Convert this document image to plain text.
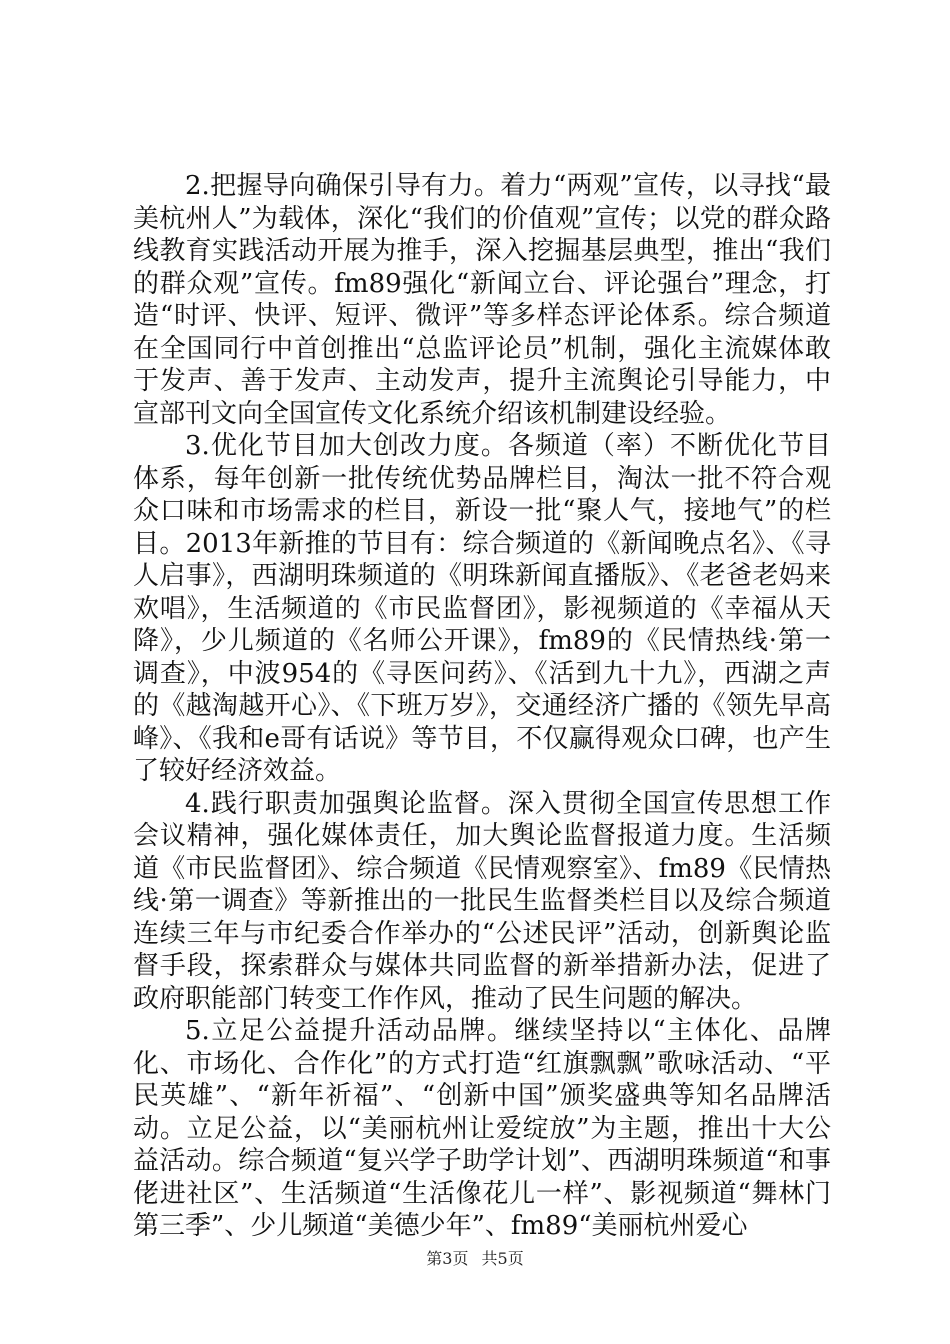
2.把握导向确保引导有力。着力“两观”宣传，以寻找“最美杭州人”为载体，深化“我们的价值观”宣传；以党的群众路线教育实践活动开展为推手，深入挖掘基层典型，推出“我们的群众观”宣传。fm89强化“新闻立台、评论强台”理念，打造“时评、快评、短评、微评”等多样态评论体系。综合频道在全国同行中首创推出“总监评论员”机制，强化主流媒体敢于发声、善于发声、主动发声，提升主流舆论引导能力，中宣部刊文向全国宣传文化系统介绍该机制建设经验。

3.优化节目加大创改力度。各频道（率）不断优化节目体系，每年创新一批传统优势品牌栏目，淘汰一批不符合观众口味和市场需求的栏目，新设一批“聚人气，接地气”的栏目。2013年新推的节目有：综合频道的《新闻晚点名》、《寻人启事》，西湖明珠频道的《明珠新闻直播版》、《老爸老妈来欢唱》，生活频道的《市民监督团》，影视频道的《幸福从天降》，少儿频道的《名师公开课》，fm89的《民情热线·第一调查》，中波954的《寻医问药》、《活到九十九》，西湖之声的《越淘越开心》、《下班万岁》，交通经济广播的《领先早高峰》、《我和e哥有话说》等节目，不仅赢得观众口碑，也产生了较好经济效益。

4.践行职责加强舆论监督。深入贯彻全国宣传思想工作会议精神，强化媒体责任，加大舆论监督报道力度。生活频道《市民监督团》、综合频道《民情观察室》、fm89《民情热线·第一调查》等新推出的一批民生监督类栏目以及综合频道连续三年与市纪委合作举办的“公述民评”活动，创新舆论监督手段，探索群众与媒体共同监督的新举措新办法，促进了政府职能部门转变工作作风，推动了民生问题的解决。

5.立足公益提升活动品牌。继续坚持以“主体化、品牌化、市场化、合作化”的方式打造“红旗飘飘”歌咏活动、“平民英雄”、“新年祈福”、“创新中国”颁奖盛典等知名品牌活动。立足公益，以“美丽杭州让爱绽放”为主题，推出十大公益活动。综合频道“复兴学子助学计划”、西湖明珠频道“和事佬进社区”、生活频道“生活像花儿一样”、影视频道“舞林门第三季”、少儿频道“美德少年”、fm89“美丽杭州爱心

第3页 共5页
